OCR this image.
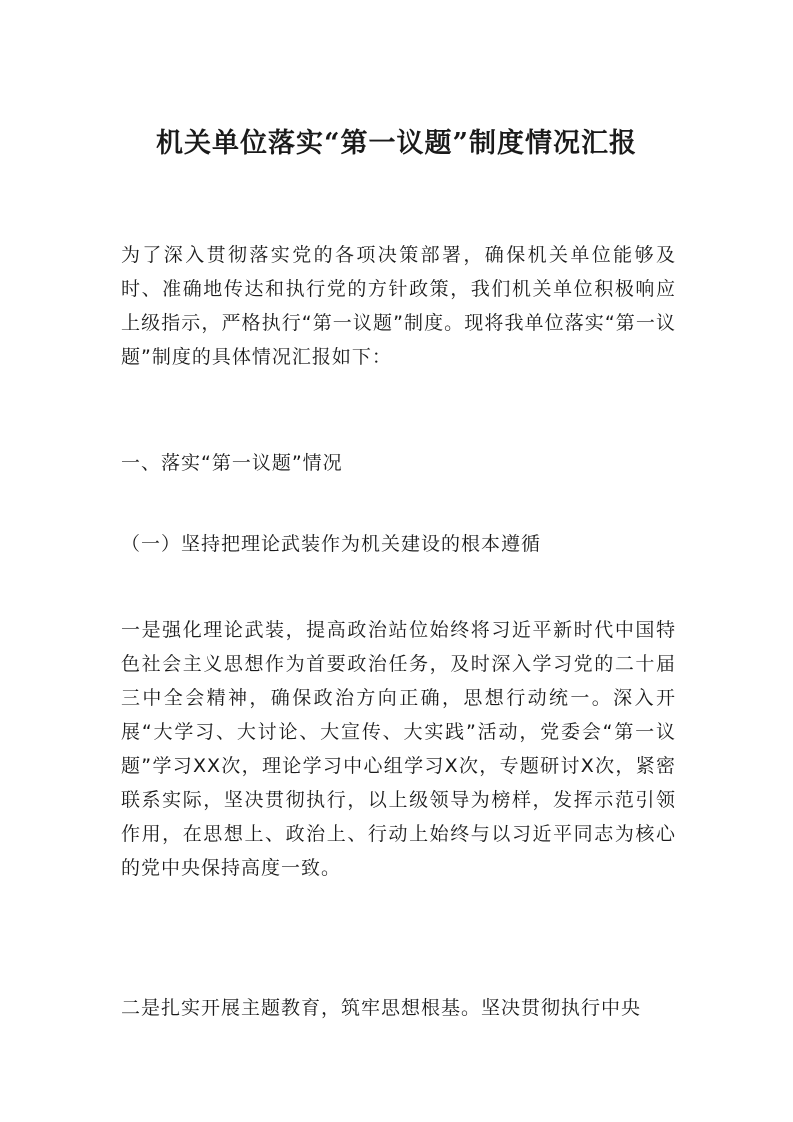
机关单位落实“第一议题”制度情况汇报

为了深入贯彻落实党的各项决策部署，确保机关单位能够及时、准确地传达和执行党的方针政策，我们机关单位积极响应上级指示，严格执行“第一议题”制度。现将我单位落实“第一议题”制度的具体情况汇报如下：

一、落实“第一议题”情况

（一）坚持把理论武装作为机关建设的根本遵循

一是强化理论武装，提高政治站位始终将习近平新时代中国特色社会主义思想作为首要政治任务，及时深入学习党的二十届三中全会精神，确保政治方向正确，思想行动统一。深入开展“大学习、大讨论、大宣传、大实践”活动，党委会“第一议题”学习XX次，理论学习中心组学习X次，专题研讨X次，紧密联系实际，坚决贯彻执行，以上级领导为榜样，发挥示范引领作用，在思想上、政治上、行动上始终与以习近平同志为核心的党中央保持高度一致。

二是扎实开展主题教育，筑牢思想根基。坚决贯彻执行中央
